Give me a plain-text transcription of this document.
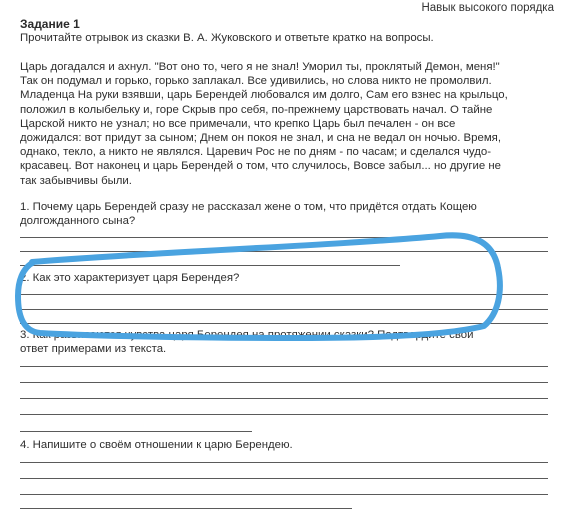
Навык высокого порядка
Задание 1
Прочитайте отрывок из сказки В. А. Жуковского и ответьте кратко на вопросы.
Царь догадался и ахнул. "Вот оно то, чего я не знал! Уморил ты, проклятый Демон, меня!"
Так он подумал и горько, горько заплакал. Все удивились, но слова никто не промолвил.
Младенца На руки взявши, царь Берендей любовался им долго, Сам его взнес на крыльцо,
положил в колыбельку и, горе Скрыв про себя, по-прежнему царствовать начал. О тайне
Царской никто не узнал; но все примечали, что крепко Царь был печален - он все
дожидался: вот придут за сыном; Днем он покоя не знал, и сна не ведал он ночью. Время,
однако, текло, а никто не являлся. Царевич Рос не по дням - по часам; и сделался чудо-
красавец. Вот наконец и царь Берендей о том, что случилось, Вовсе забыл... но другие не
так забывчивы были.
1. Почему царь Берендей сразу не рассказал жене о том, что придётся отдать Кощею
долгожданного сына?
2. Как это характеризует царя Берендея?
3. Как развиваются чувства царя Берендея на протяжении сказки? Подтвердите свой
ответ примерами из текста.
4. Напишите о своём отношении к царю Берендею.
